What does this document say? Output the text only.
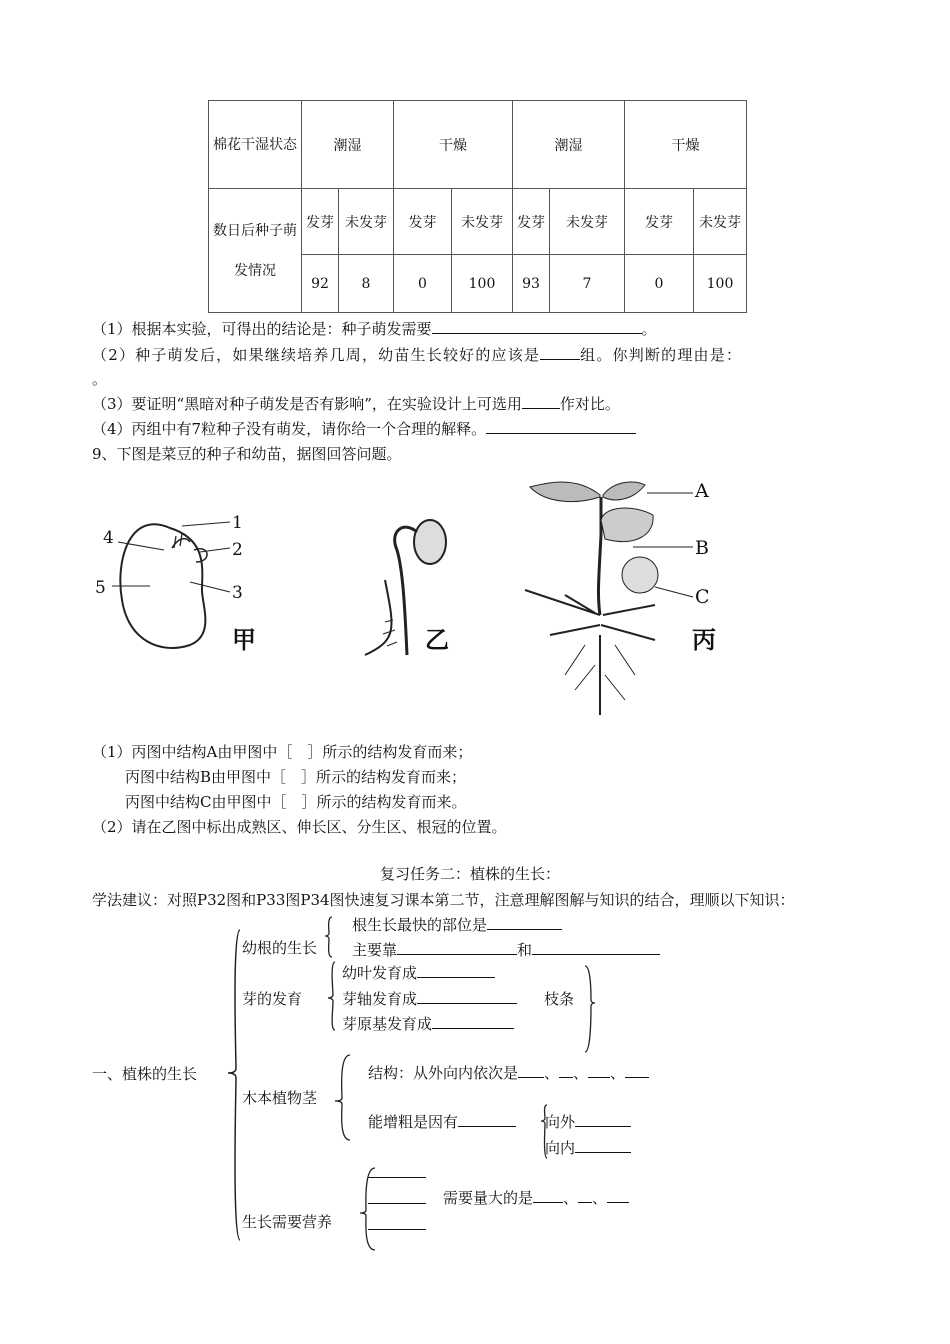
棉花干湿状态	潮湿		干燥		潮湿		干燥	
数日后种子萌发情况	发芽	未发芽	发芽	未发芽	发芽	未发芽	发芽	未发芽
	92	8	0	100	93	7	0	100
（1）根据本实验，可得出的结论是：种子萌发需要	。
（2）种子萌发后，如果继续培养几周，幼苗生长较好的应该是	组。你判断的理由是：
。
（3）要证明“黑暗对种子萌发是否有影响”，在实验设计上可选用	作对比。
（4）丙组中有7粒种子没有萌发，请你给一个合理的解释。
9、下图是菜豆的种子和幼苗，据图回答问题。
1
2
3
4
5
甲	乙
A
B
C
丙
（1）丙图中结构A由甲图中［　］所示的结构发育而来；
丙图中结构B由甲图中［　］所示的结构发育而来；
丙图中结构C由甲图中［　］所示的结构发育而来。
（2）请在乙图中标出成熟区、伸长区、分生区、根冠的位置。
复习任务二：植株的生长：
学法建议：对照P32图和P33图P34图快速复习课本第二节，注意理解图解与知识的结合，理顺以下知识：
一、植株的生长
幼根的生长
根生长最快的部位是
主要靠	和
芽的发育
幼叶发育成
芽轴发育成	枝条
芽原基发育成
木本植物茎
结构：从外向内依次是 、 、 、
能增粗是因有	向外
向内
生长需要营养
需要量大的是 、 、
